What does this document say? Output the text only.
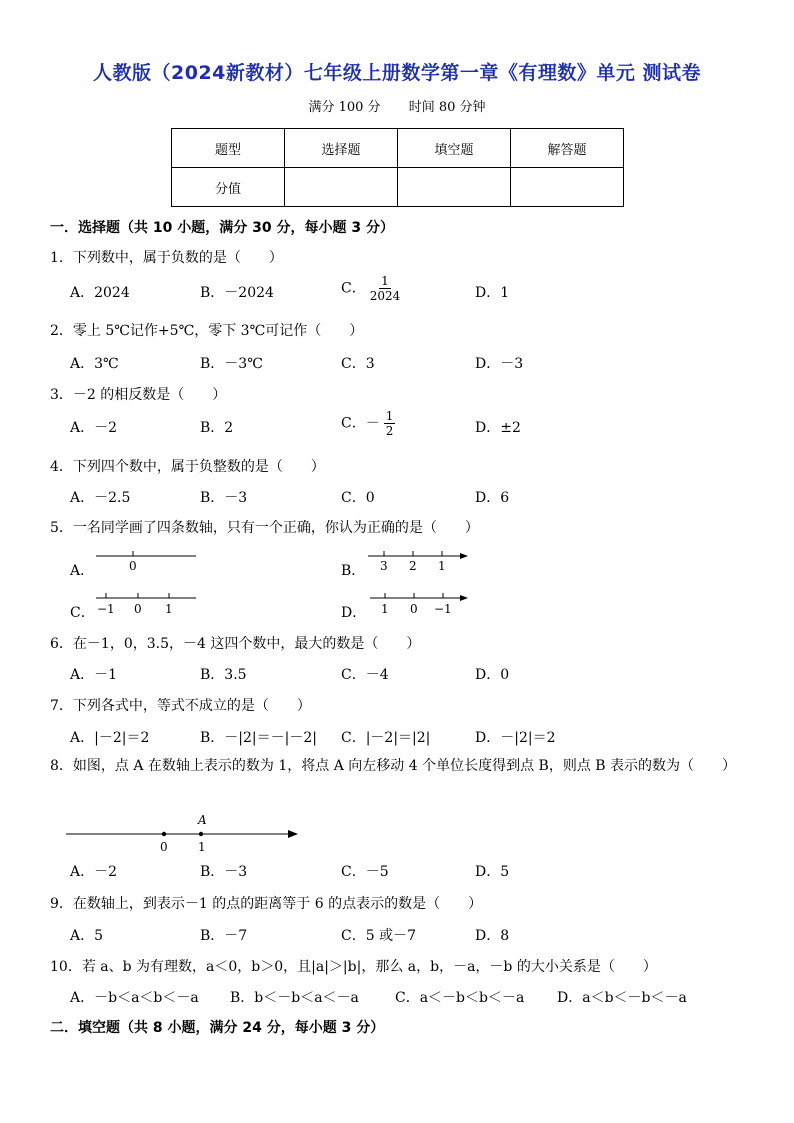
人教版（2024新教材）七年级上册数学第一章《有理数》单元 测试卷
满分 100 分 时间 80 分钟
题型	选择题	填空题	解答题
分值			
一．选择题（共 10 小题，满分 30 分，每小题 3 分）
1．下列数中，属于负数的是（　　）
A．2024	B．－2024	C． $\frac{1}{2024}$	D．1
2．零上 5℃记作+5℃，零下 3℃可记作（　　）
A．3℃	B．－3℃	C．3	D．－3
3．－2 的相反数是（　　）
A．－2	B．2	C．－ $\frac{1}{2}$	D．±2
4．下列四个数中，属于负整数的是（　　）
A．－2.5	B．－3	C．0	D．6
5．一名同学画了四条数轴，只有一个正确，你认为正确的是（　　）
A．	B．
C．	D．
0	3 2 1
−1 0 1	1 0 −1
6．在－1，0，3.5，－4 这四个数中，最大的数是（　　）
A．－1	B．3.5	C．－4	D．0
7．下列各式中，等式不成立的是（　　）
A．|－2|＝2	B．－|2|＝－|－2| C．|－2|＝|2|	D．－|2|＝2
8．如图，点 A 在数轴上表示的数为 1，将点 A 向左移动 4 个单位长度得到点 B，则点 B 表示的数为（　　）
A
0	1
A．－2	B．－3	C．－5	D．5
9．在数轴上，到表示－1 的点的距离等于 6 的点表示的数是（　　）
A．5	B．－7	C．5 或－7	D．8
10．若 a、b 为有理数，a＜0，b＞0，且|a|＞|b|，那么 a，b，－a，－b 的大小关系是（　　）
A．－b＜a＜b＜－a B．b＜－b＜a＜－a	C．a＜－b＜b＜－a D．a＜b＜－b＜－a
二．填空题（共 8 小题，满分 24 分，每小题 3 分）
